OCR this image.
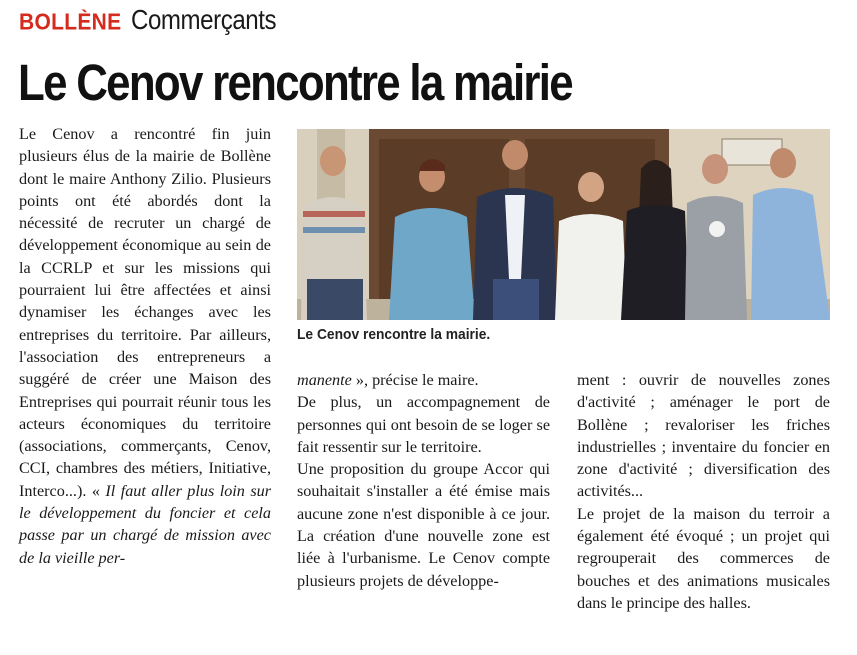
BOLLÈNE Commerçants
Le Cenov rencontre la mairie

Le Cenov a rencontré fin juin plusieurs élus de la mairie de Bollène dont le maire Anthony Zilio. Plusieurs points ont été abordés dont la nécessité de recruter un chargé de développement économique au sein de la CCRLP et sur les missions qui pourraient lui être affectées et ainsi dynamiser les échanges avec les entreprises du territoire. Par ailleurs, l'association des entrepreneurs a suggéré de créer une Maison des Entreprises qui pourrait réunir tous les acteurs économiques du territoire (associations, commerçants, Cenov, CCI, chambres des métiers, Initiative, Interco...). « Il faut aller plus loin sur le développement du foncier et cela passe par un chargé de mission avec de la vieille per-

Le Cenov rencontre la mairie.

manente », précise le maire.

De plus, un accompagnement de personnes qui ont besoin de se loger se fait ressentir sur le territoire.

Une proposition du groupe Accor qui souhaitait s'installer a été émise mais aucune zone n'est disponible à ce jour. La création d'une nouvelle zone est liée à l'urbanisme. Le Cenov compte plusieurs projets de développe-

ment : ouvrir de nouvelles zones d'activité ; aménager le port de Bollène ; revaloriser les friches industrielles ; inventaire du foncier en zone d'activité ; diversification des activités...

Le projet de la maison du terroir a également été évoqué ; un projet qui regrouperait des commerces de bouches et des animations musicales dans le principe des halles.
